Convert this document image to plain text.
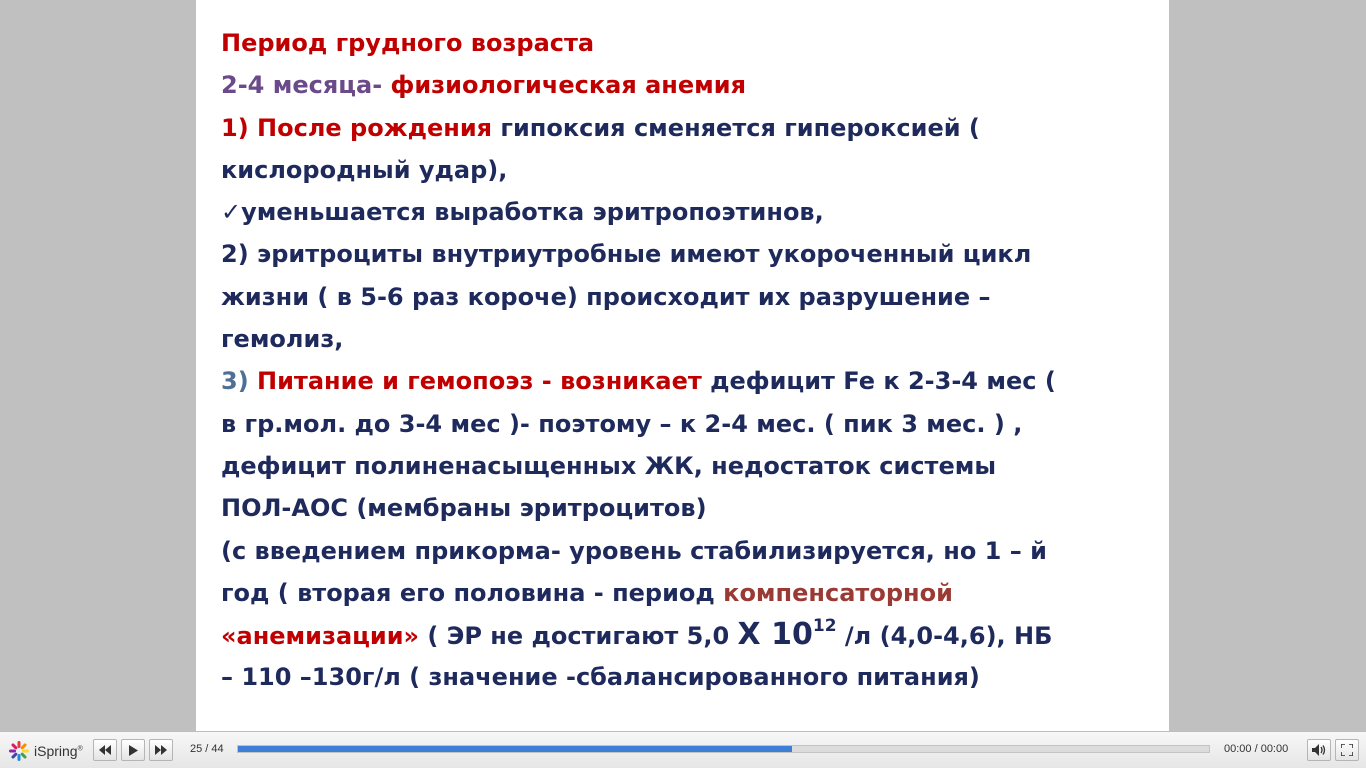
Период грудного возраста
2-4 месяца- физиологическая анемия
1) После рождения гипоксия сменяется гипероксией (
кислородный удар),
✓уменьшается выработка эритропоэтинов,
2) эритроциты внутриутробные имеют укороченный цикл
жизни ( в 5-6 раз короче) происходит их разрушение –
гемолиз,
3) Питание и гемопоэз - возникает дефицит Fe к 2-3-4 мес (
в гр.мол. до 3-4 мес )- поэтому – к 2-4 мес. ( пик 3 мес. ) ,
дефицит полиненасыщенных ЖК, недостаток системы
ПОЛ-АОС (мембраны эритроцитов)
(с введением прикорма- уровень стабилизируется, но 1 – й
год ( вторая его половина - период компенсаторной
«анемизации» ( ЭР не достигают 5,0 Х $10^{12}$ /л (4,0-4,6), НБ
– 110 –130г/л ( значение -сбалансированного питания)
iSpring®	25 / 44	00:00 / 00:00
